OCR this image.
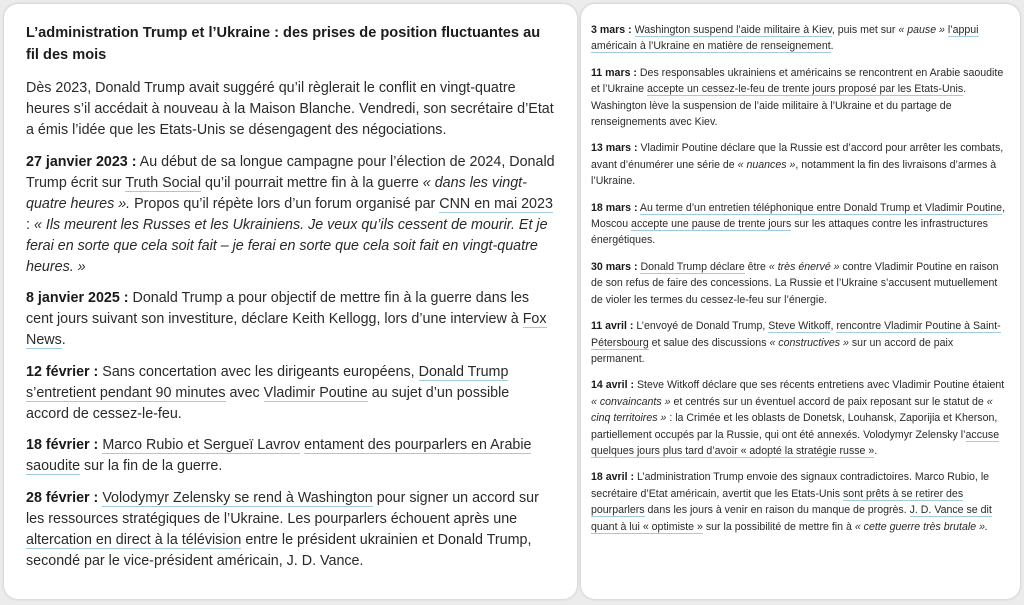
L’administration Trump et l’Ukraine : des prises de position fluctuantes au fil des mois

Dès 2023, Donald Trump avait suggéré qu’il règlerait le conflit en vingt-quatre heures s’il accédait à nouveau à la Maison Blanche. Vendredi, son secrétaire d’Etat a émis l’idée que les Etats-Unis se désengagent des négociations.

27 janvier 2023 : Au début de sa longue campagne pour l’élection de 2024, Donald Trump écrit sur Truth Social qu’il pourrait mettre fin à la guerre « dans les vingt-quatre heures ». Propos qu’il répète lors d’un forum organisé par CNN en mai 2023 : « Ils meurent les Russes et les Ukrainiens. Je veux qu’ils cessent de mourir. Et je ferai en sorte que cela soit fait – je ferai en sorte que cela soit fait en vingt-quatre heures. »

8 janvier 2025 : Donald Trump a pour objectif de mettre fin à la guerre dans les cent jours suivant son investiture, déclare Keith Kellogg, lors d’une interview à Fox News.

12 février : Sans concertation avec les dirigeants européens, Donald Trump s’entretient pendant 90 minutes avec Vladimir Poutine au sujet d’un possible accord de cessez-le-feu.

18 février : Marco Rubio et Sergueï Lavrov entament des pourparlers en Arabie saoudite sur la fin de la guerre.

28 février : Volodymyr Zelensky se rend à Washington pour signer un accord sur les ressources stratégiques de l’Ukraine. Les pourparlers échouent après une altercation en direct à la télévision entre le président ukrainien et Donald Trump, secondé par le vice-président américain, J. D. Vance.

3 mars : Washington suspend l’aide militaire à Kiev, puis met sur « pause » l’appui américain à l’Ukraine en matière de renseignement.

11 mars : Des responsables ukrainiens et américains se rencontrent en Arabie saoudite et l’Ukraine accepte un cessez-le-feu de trente jours proposé par les Etats-Unis. Washington lève la suspension de l’aide militaire à l’Ukraine et du partage de renseignements avec Kiev.

13 mars : Vladimir Poutine déclare que la Russie est d’accord pour arrêter les combats, avant d’énumérer une série de « nuances », notamment la fin des livraisons d’armes à l’Ukraine.

18 mars : Au terme d’un entretien téléphonique entre Donald Trump et Vladimir Poutine, Moscou accepte une pause de trente jours sur les attaques contre les infrastructures énergétiques.

30 mars : Donald Trump déclare être « très énervé » contre Vladimir Poutine en raison de son refus de faire des concessions. La Russie et l’Ukraine s’accusent mutuellement de violer les termes du cessez-le-feu sur l’énergie.

11 avril : L’envoyé de Donald Trump, Steve Witkoff, rencontre Vladimir Poutine à Saint-Pétersbourg et salue des discussions « constructives » sur un accord de paix permanent.

14 avril : Steve Witkoff déclare que ses récents entretiens avec Vladimir Poutine étaient « convaincants » et centrés sur un éventuel accord de paix reposant sur le statut de « cinq territoires » : la Crimée et les oblasts de Donetsk, Louhansk, Zaporijia et Kherson, partiellement occupés par la Russie, qui ont été annexés. Volodymyr Zelensky l’accuse quelques jours plus tard d’avoir « adopté la stratégie russe ».

18 avril : L’administration Trump envoie des signaux contradictoires. Marco Rubio, le secrétaire d’Etat américain, avertit que les Etats-Unis sont prêts à se retirer des pourparlers dans les jours à venir en raison du manque de progrès. J. D. Vance se dit quant à lui « optimiste » sur la possibilité de mettre fin à « cette guerre très brutale ».
